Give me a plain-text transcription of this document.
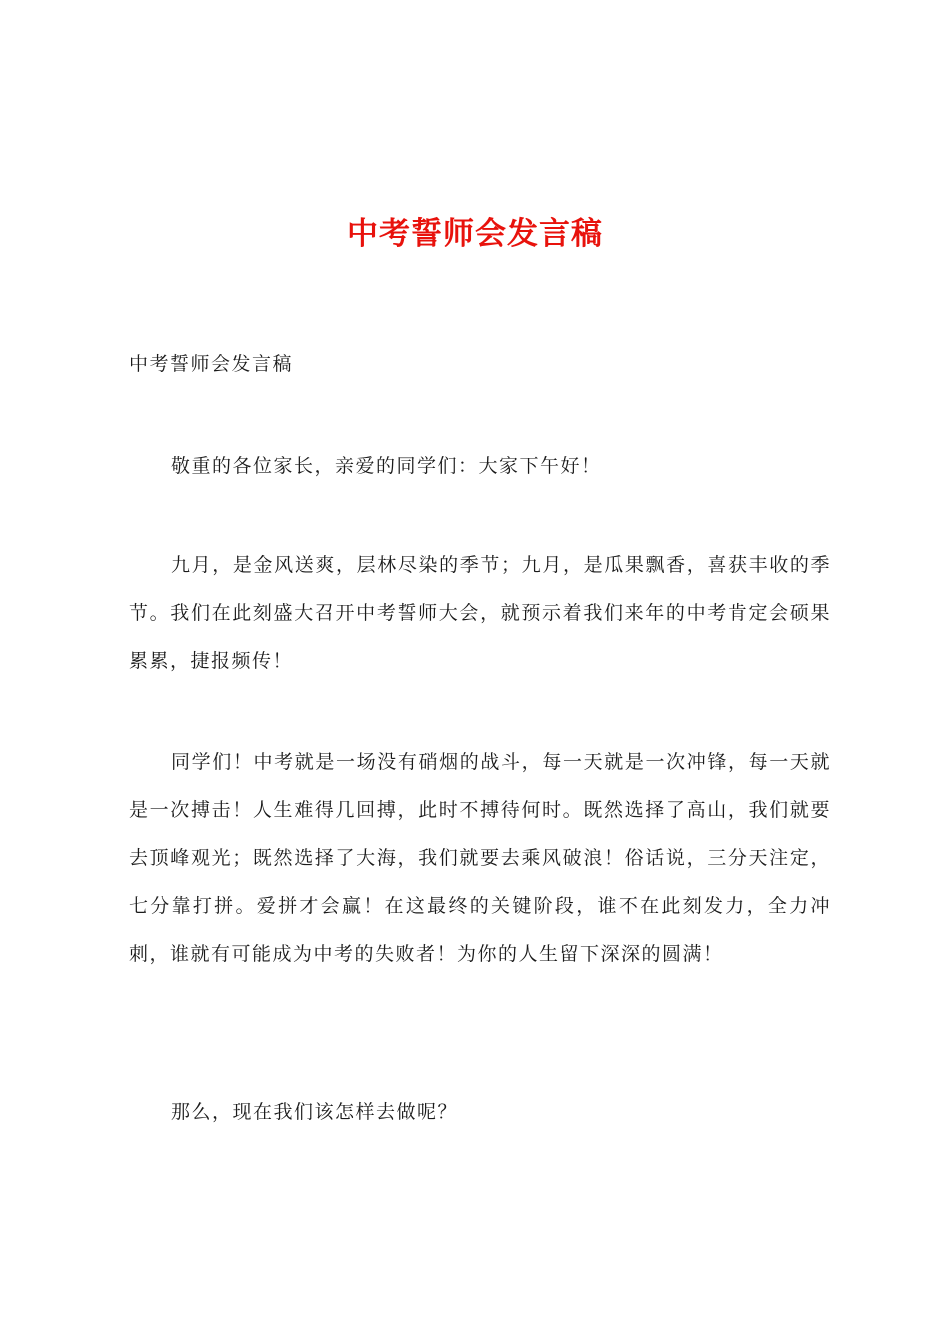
中考誓师会发言稿
中考誓师会发言稿
敬重的各位家长，亲爱的同学们：大家下午好！
九月，是金风送爽，层林尽染的季节；九月，是瓜果飘香，喜获丰收的季节。我们在此刻盛大召开中考誓师大会，就预示着我们来年的中考肯定会硕果累累，捷报频传！
同学们！中考就是一场没有硝烟的战斗，每一天就是一次冲锋，每一天就是一次搏击！人生难得几回搏，此时不搏待何时。既然选择了高山，我们就要去顶峰观光；既然选择了大海，我们就要去乘风破浪！俗话说，三分天注定，七分靠打拼。爱拼才会赢！在这最终的关键阶段，谁不在此刻发力，全力冲刺，谁就有可能成为中考的失败者！为你的人生留下深深的圆满！
那么，现在我们该怎样去做呢？
